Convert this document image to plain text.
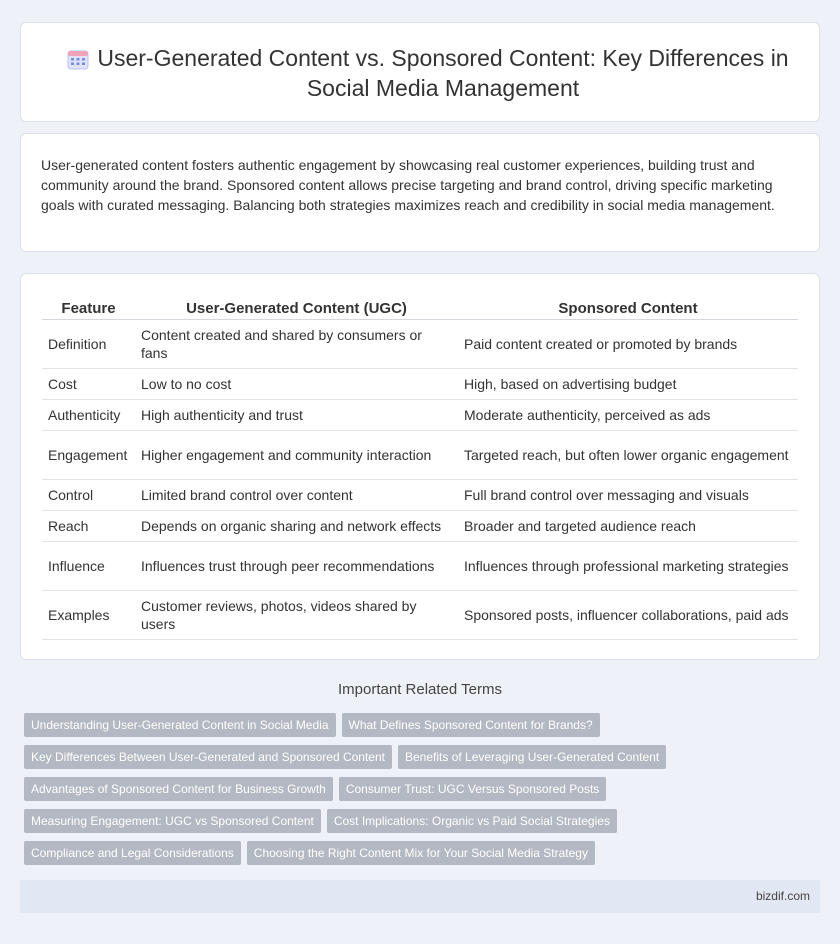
User-Generated Content vs. Sponsored Content: Key Differences in Social Media Management

User-generated content fosters authentic engagement by showcasing real customer experiences, building trust and community around the brand. Sponsored content allows precise targeting and brand control, driving specific marketing goals with curated messaging. Balancing both strategies maximizes reach and credibility in social media management.

Feature	User-Generated Content (UGC)	Sponsored Content
Definition	Content created and shared by consumers or fans	Paid content created or promoted by brands
Cost	Low to no cost	High, based on advertising budget
Authenticity	High authenticity and trust	Moderate authenticity, perceived as ads
Engagement	Higher engagement and community interaction	Targeted reach, but often lower organic engagement
Control	Limited brand control over content	Full brand control over messaging and visuals
Reach	Depends on organic sharing and network effects	Broader and targeted audience reach
Influence	Influences trust through peer recommendations	Influences through professional marketing strategies
Examples	Customer reviews, photos, videos shared by users	Sponsored posts, influencer collaborations, paid ads
Important Related Terms
Understanding User-Generated Content in Social Media What Defines Sponsored Content for Brands?
Key Differences Between User-Generated and Sponsored Content Benefits of Leveraging User-Generated Content
Advantages of Sponsored Content for Business Growth Consumer Trust: UGC Versus Sponsored Posts
Measuring Engagement: UGC vs Sponsored Content Cost Implications: Organic vs Paid Social Strategies
Compliance and Legal Considerations Choosing the Right Content Mix for Your Social Media Strategy
bizdif.com
